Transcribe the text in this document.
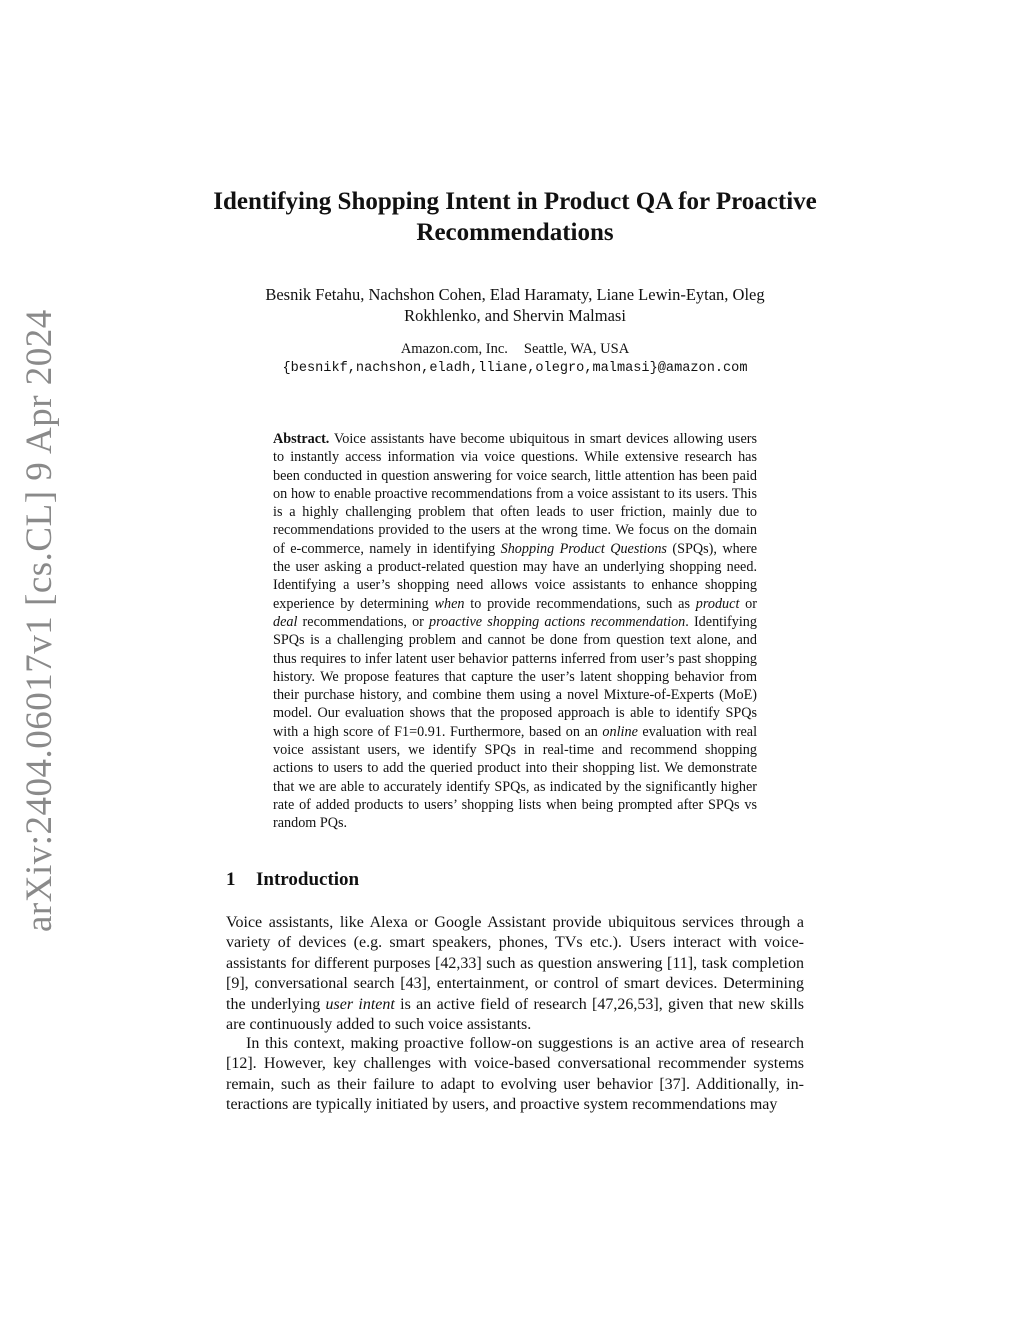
arXiv:2404.06017v1 [cs.CL] 9 Apr 2024
Identifying Shopping Intent in Product QA for Proactive Recommendations
Besnik Fetahu, Nachshon Cohen, Elad Haramaty, Liane Lewin-Eytan, Oleg Rokhlenko, and Shervin Malmasi
Amazon.com, Inc. Seattle, WA, USA
{besnikf,nachshon,eladh,lliane,olegro,malmasi}@amazon.com
Abstract. Voice assistants have become ubiquitous in smart devices allowing users to instantly access information via voice questions. While extensive research has been conducted in question answering for voice search, little attention has been paid on how to enable proactive recommendations from a voice assistant to its users. This is a highly challenging problem that often leads to user friction, mainly due to recommendations provided to the users at the wrong time. We focus on the domain of e-commerce, namely in identifying Shopping Product Questions (SPQs), where the user asking a product-related question may have an underlying shopping need. Identifying a user’s shopping need allows voice assistants to enhance shopping experience by determining when to provide recommendations, such as product or deal recommendations, or proactive shopping actions recommendation. Identifying SPQs is a challenging problem and cannot be done from question text alone, and thus requires to infer latent user behavior patterns inferred from user’s past shopping history. We propose features that capture the user’s latent shopping behavior from their purchase history, and combine them using a novel Mixture-of-Experts (MoE) model. Our evaluation shows that the proposed approach is able to identify SPQs with a high score of F1=0.91. Furthermore, based on an online evaluation with real voice assistant users, we identify SPQs in real-time and recommend shopping actions to users to add the queried product into their shopping list. We demonstrate that we are able to accurately identify SPQs, as indicated by the significantly higher rate of added products to users’ shopping lists when being prompted after SPQs vs random PQs.
1 Introduction
Voice assistants, like Alexa or Google Assistant provide ubiquitous services through a variety of devices (e.g. smart speakers, phones, TVs etc.). Users interact with voice-assistants for different purposes [42,33] such as question answering [11], task completion [9], conversational search [43], entertainment, or control of smart devices. Determining the underlying user intent is an active field of research [47,26,53], given that new skills are continuously added to such voice assistants.
In this context, making proactive follow-on suggestions is an active area of research [12]. However, key challenges with voice-based conversational recommender systems remain, such as their failure to adapt to evolving user behavior [37]. Additionally, interactions are typically initiated by users, and proactive system recommendations may
